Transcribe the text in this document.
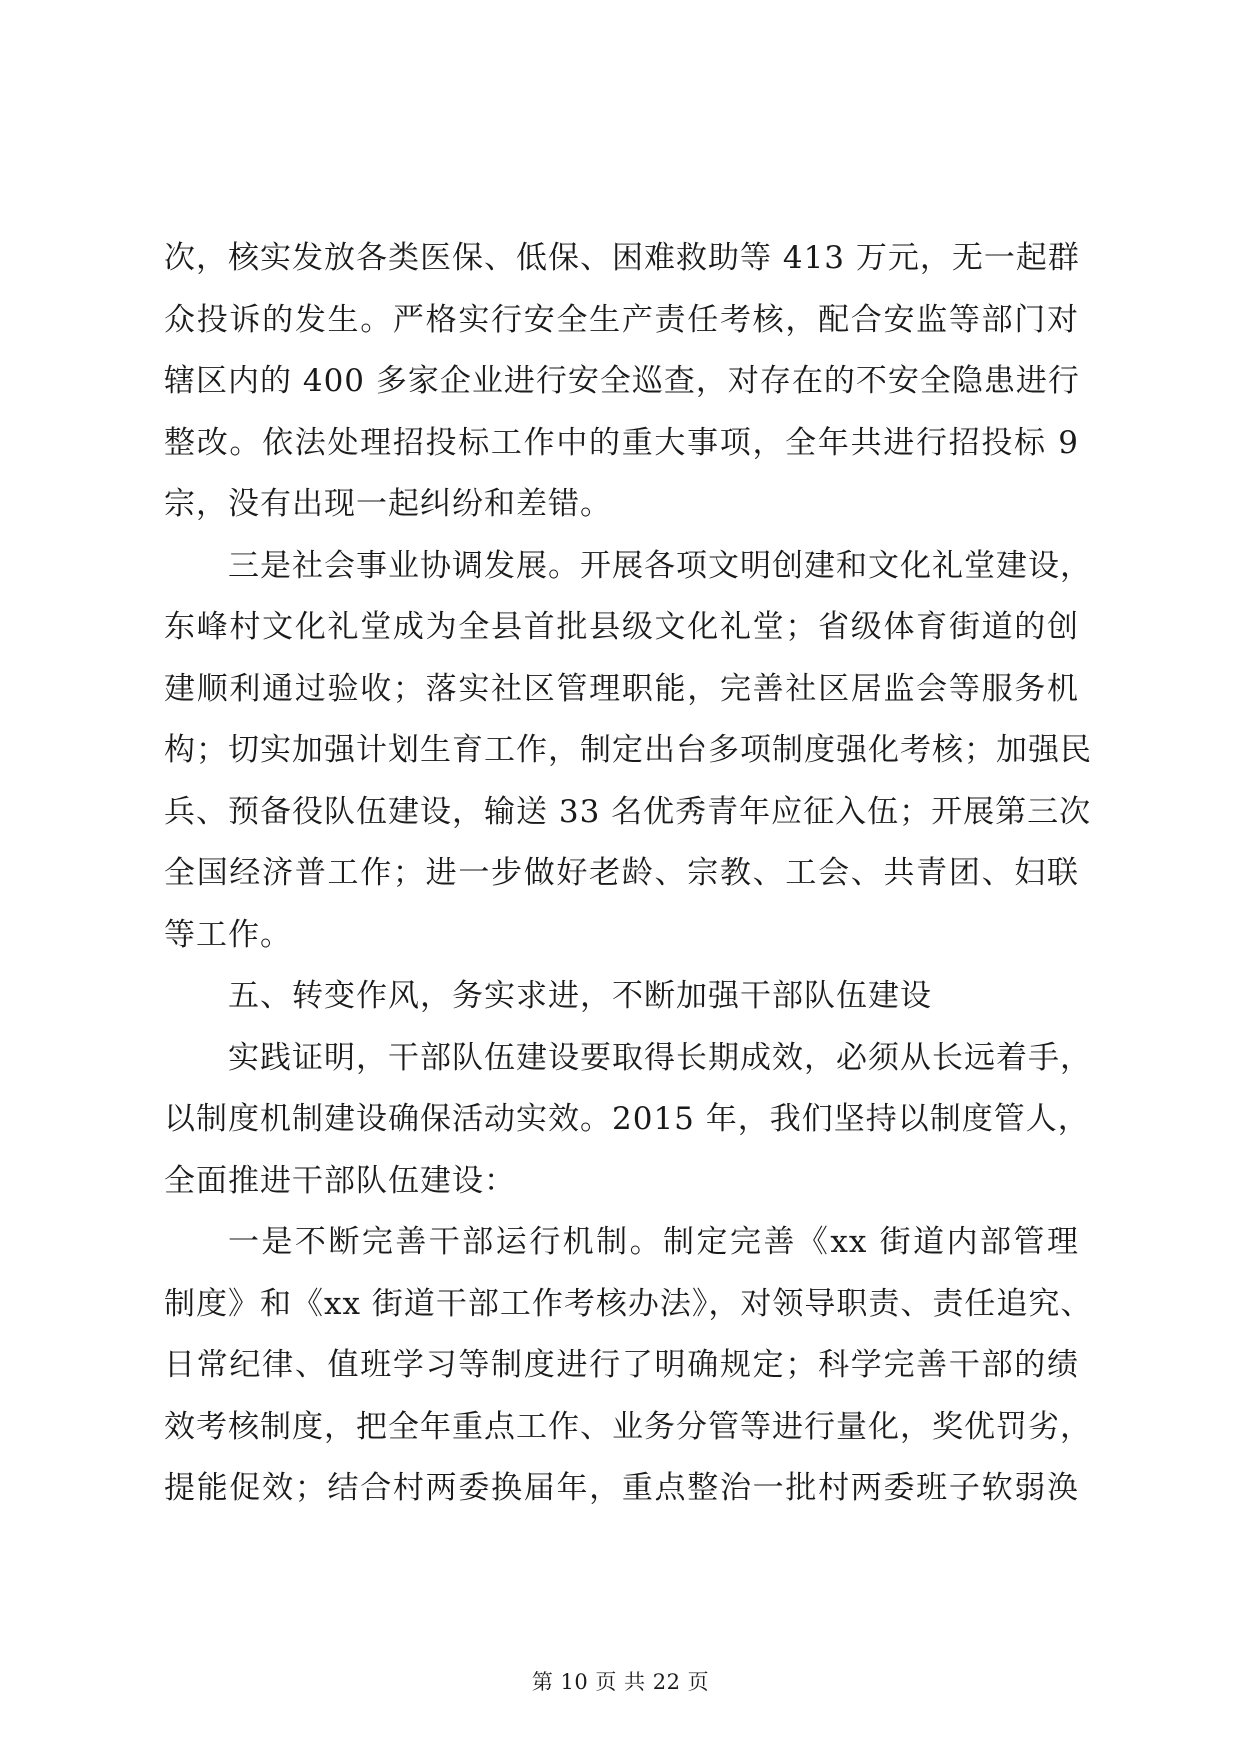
次，核实发放各类医保、低保、困难救助等 413 万元，无一起群
众投诉的发生。严格实行安全生产责任考核，配合安监等部门对
辖区内的 400 多家企业进行安全巡查，对存在的不安全隐患进行
整改。依法处理招投标工作中的重大事项，全年共进行招投标 9
宗，没有出现一起纠纷和差错。
三是社会事业协调发展。开展各项文明创建和文化礼堂建设，
东峰村文化礼堂成为全县首批县级文化礼堂；省级体育街道的创
建顺利通过验收；落实社区管理职能，完善社区居监会等服务机
构；切实加强计划生育工作，制定出台多项制度强化考核；加强民
兵、预备役队伍建设，输送 33 名优秀青年应征入伍；开展第三次
全国经济普工作；进一步做好老龄、宗教、工会、共青团、妇联
等工作。
五、转变作风，务实求进，不断加强干部队伍建设
实践证明，干部队伍建设要取得长期成效，必须从长远着手，
以制度机制建设确保活动实效。2015 年，我们坚持以制度管人，
全面推进干部队伍建设：
一是不断完善干部运行机制。制定完善《xx 街道内部管理
制度》和《xx 街道干部工作考核办法》，对领导职责、责任追究、
日常纪律、值班学习等制度进行了明确规定；科学完善干部的绩
效考核制度，把全年重点工作、业务分管等进行量化，奖优罚劣，
提能促效；结合村两委换届年，重点整治一批村两委班子软弱涣
第 10 页 共 22 页
